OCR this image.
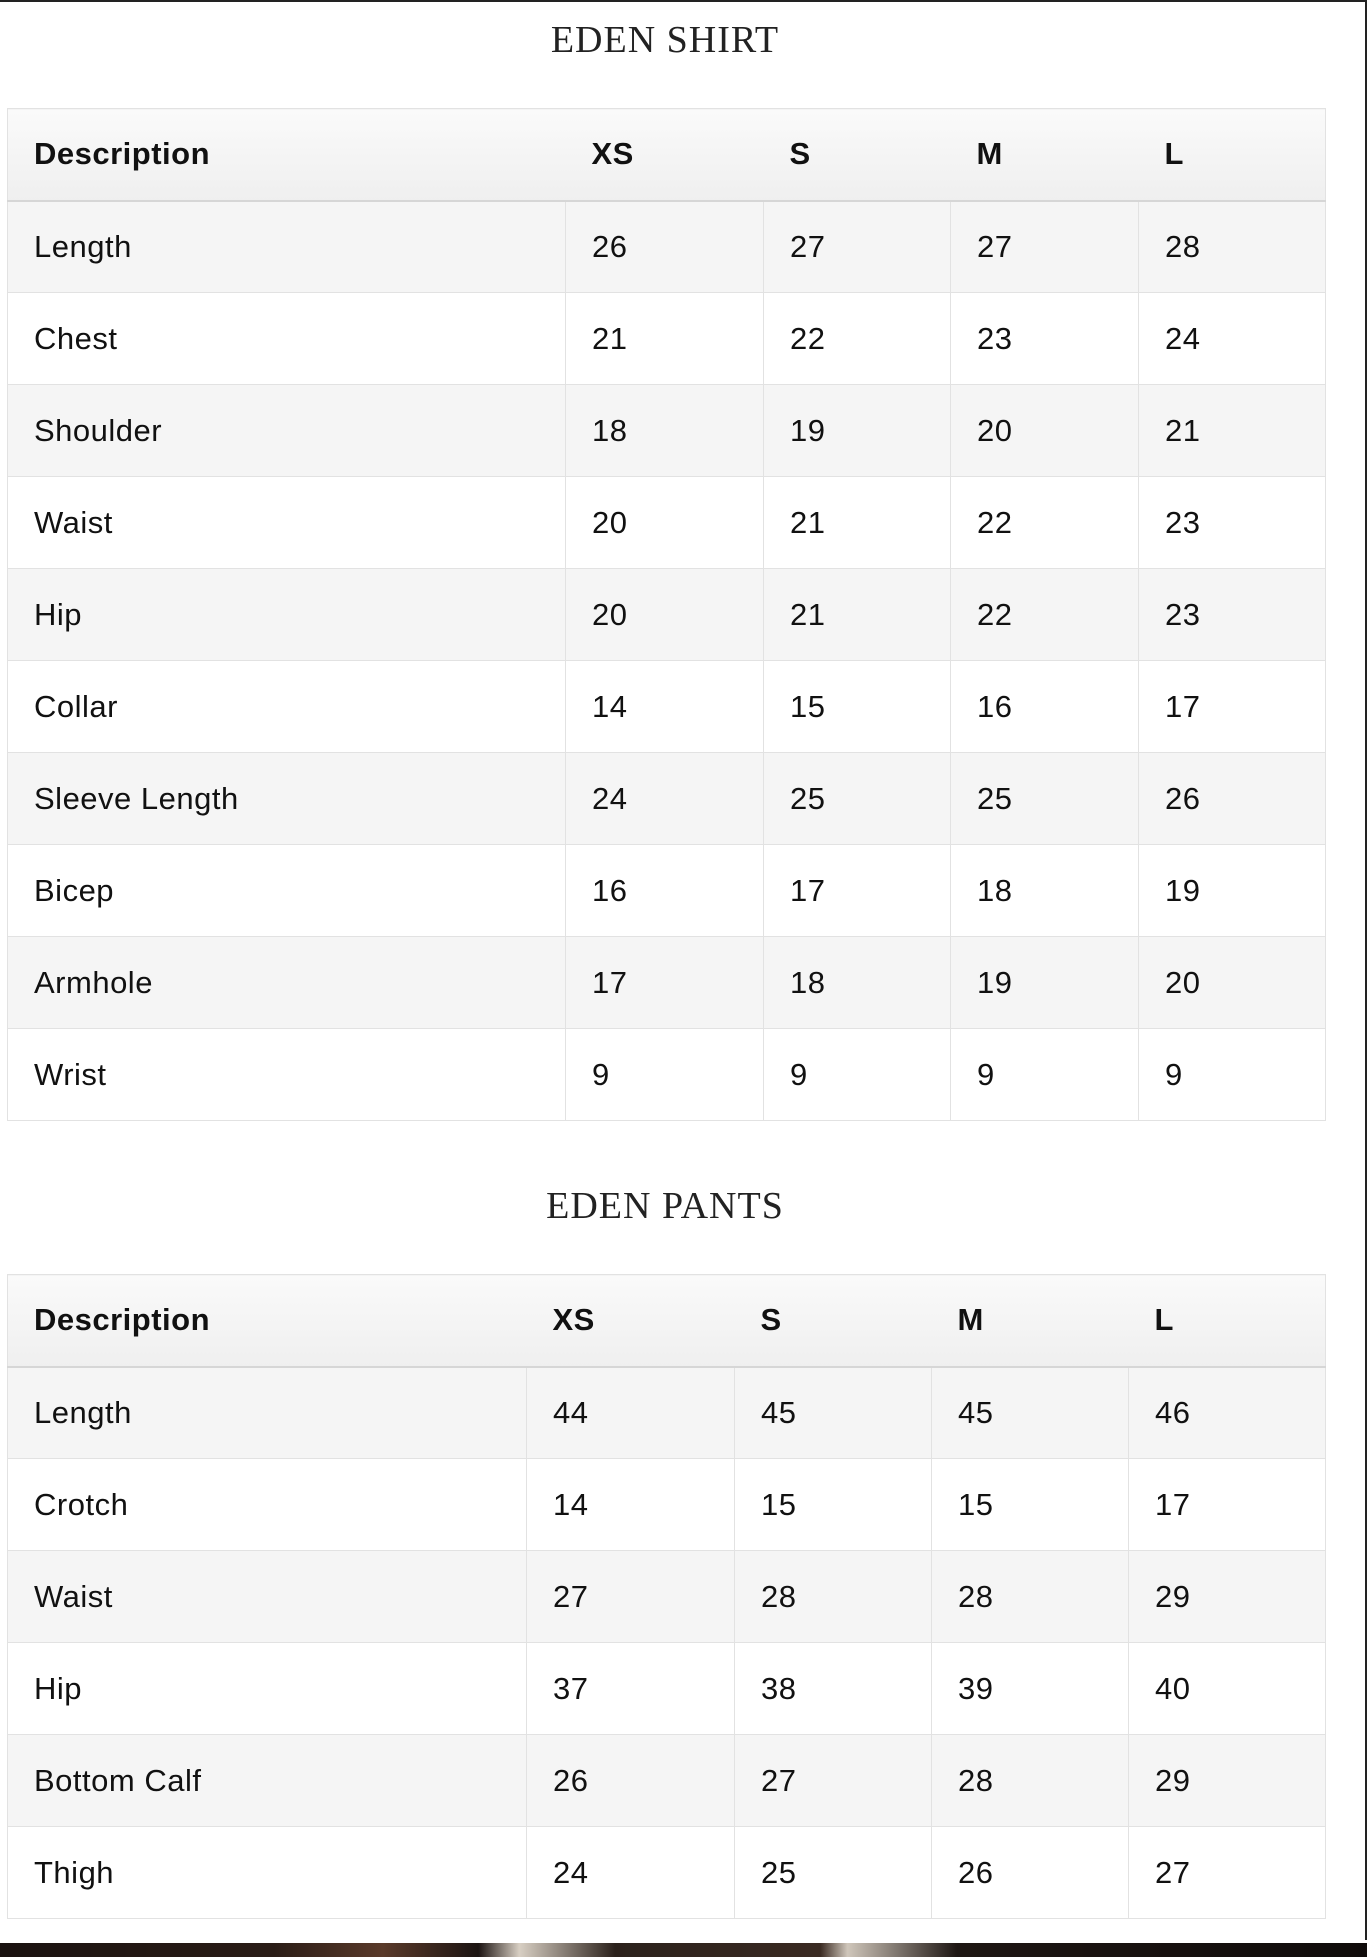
EDEN SHIRT
Description	XS	S	M	L
Length	26	27	27	28
Chest	21	22	23	24
Shoulder	18	19	20	21
Waist	20	21	22	23
Hip	20	21	22	23
Collar	14	15	16	17
Sleeve Length	24	25	25	26
Bicep	16	17	18	19
Armhole	17	18	19	20
Wrist	9	9	9	9
EDEN PANTS
Description	XS	S	M	L
Length	44	45	45	46
Crotch	14	15	15	17
Waist	27	28	28	29
Hip	37	38	39	40
Bottom Calf	26	27	28	29
Thigh	24	25	26	27
